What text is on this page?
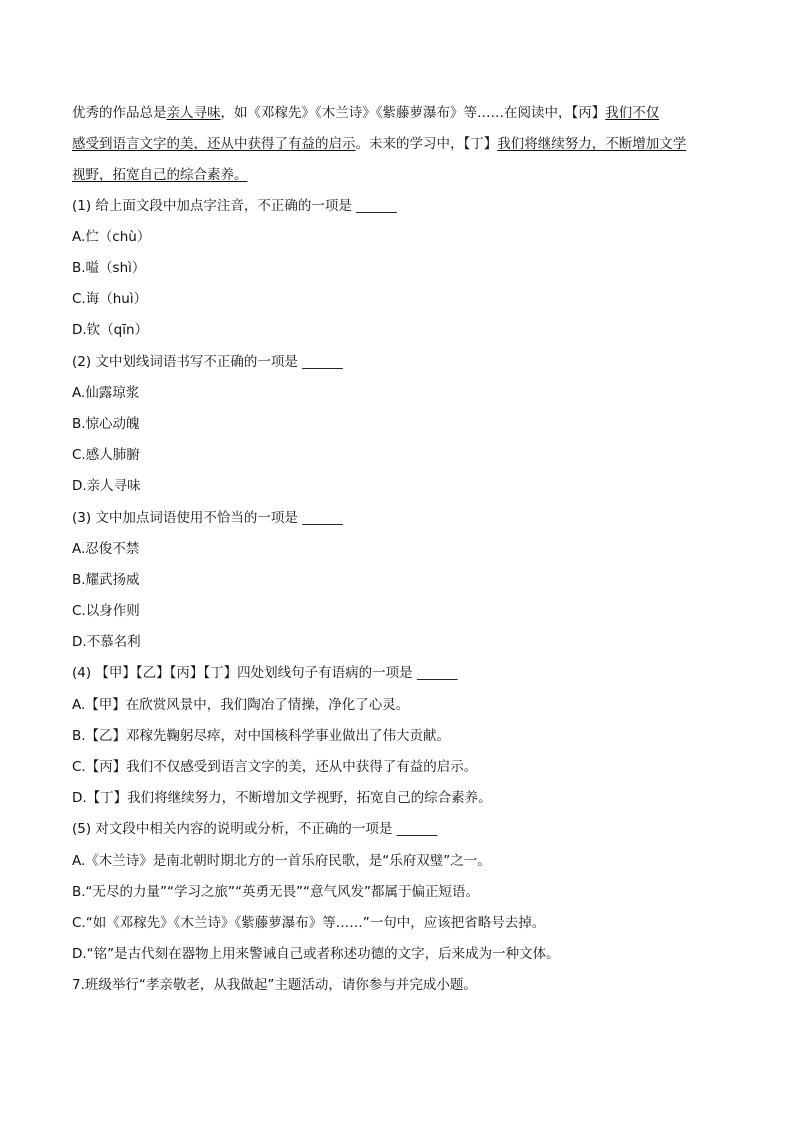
优秀的作品总是亲人寻味，如《邓稼先》《木兰诗》《紫藤萝瀑布》等……在阅读中，【丙】我们不仅
感受到语言文字的美，还从中获得了有益的启示。未来的学习中，【丁】我们将继续努力，不断增加文学
视野，拓宽自己的综合素养。
(1) 给上面文段中加点字注音，不正确的一项是 ______
A.伫（chù）
B.嗌（shì）
C.诲（huì）
D.钦（qīn）
(2) 文中划线词语书写不正确的一项是 ______
A.仙露琼浆
B.惊心动魄
C.感人肺腑
D.亲人寻味
(3) 文中加点词语使用不恰当的一项是 ______
A.忍俊不禁
B.耀武扬威
C.以身作则
D.不慕名利
(4) 【甲】【乙】【丙】【丁】四处划线句子有语病的一项是 ______
A.【甲】在欣赏风景中，我们陶冶了情操，净化了心灵。
B.【乙】邓稼先鞠躬尽瘁，对中国核科学事业做出了伟大贡献。
C.【丙】我们不仅感受到语言文字的美，还从中获得了有益的启示。
D.【丁】我们将继续努力，不断增加文学视野，拓宽自己的综合素养。
(5) 对文段中相关内容的说明或分析，不正确的一项是 ______
A.《木兰诗》是南北朝时期北方的一首乐府民歌，是“乐府双璧”之一。
B.“无尽的力量”“学习之旅”“英勇无畏”“意气风发”都属于偏正短语。
C.“如《邓稼先》《木兰诗》《紫藤萝瀑布》等……”一句中，应该把省略号去掉。
D.“铭”是古代刻在器物上用来警诫自己或者称述功德的文字，后来成为一种文体。
7.班级举行“孝亲敬老，从我做起”主题活动，请你参与并完成小题。
